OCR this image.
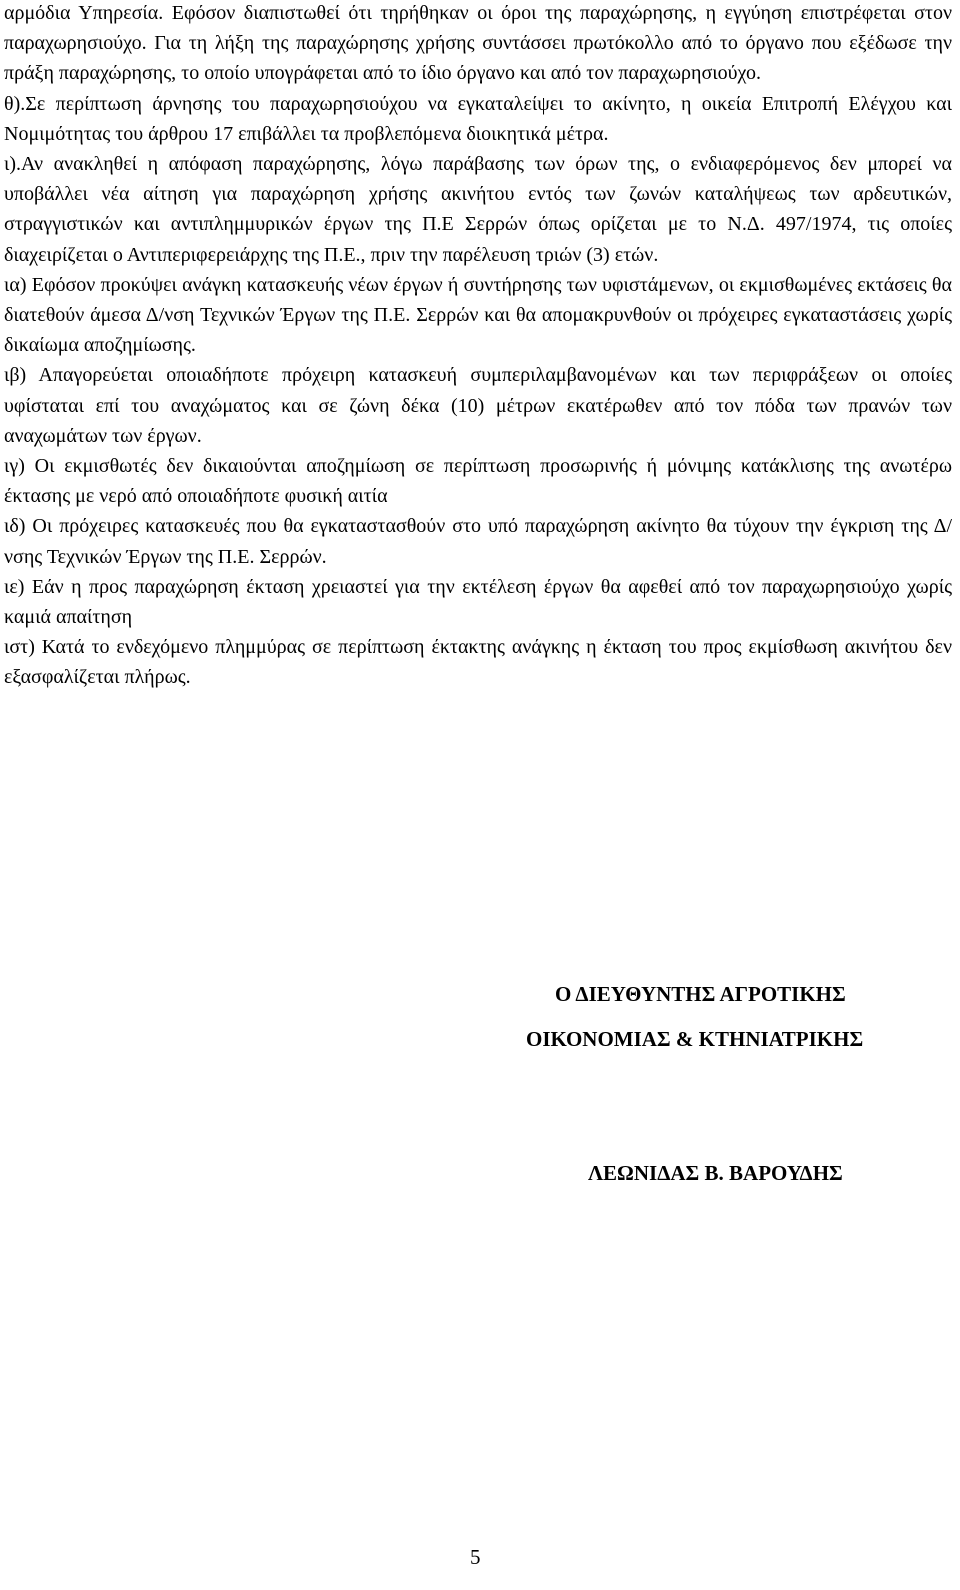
αρμόδια Υπηρεσία. Εφόσον διαπιστωθεί ότι τηρήθηκαν οι όροι της παραχώρησης, η εγγύηση επιστρέφεται στον παραχωρησιούχο. Για τη λήξη της παραχώρησης χρήσης συντάσσει πρωτόκολλο από το όργανο που εξέδωσε την πράξη παραχώρησης, το οποίο υπογράφεται από το ίδιο όργανο και από τον παραχωρησιούχο.

θ).Σε περίπτωση άρνησης του παραχωρησιούχου να εγκαταλείψει το ακίνητο, η οικεία Επιτροπή Ελέγχου και Νομιμότητας του άρθρου 17 επιβάλλει τα προβλεπόμενα διοικητικά μέτρα.

ι).Αν ανακληθεί η απόφαση παραχώρησης, λόγω παράβασης των όρων της, ο ενδιαφερόμενος δεν μπορεί να υποβάλλει νέα αίτηση για παραχώρηση χρήσης ακινήτου εντός των ζωνών καταλήψεως των αρδευτικών, στραγγιστικών και αντιπλημμυρικών έργων της Π.Ε Σερρών όπως ορίζεται με το Ν.Δ. 497/1974, τις οποίες διαχειρίζεται ο Αντιπεριφερειάρχης της Π.Ε., πριν την παρέλευση τριών (3) ετών.

ια) Εφόσον προκύψει ανάγκη κατασκευής νέων έργων ή συντήρησης των υφιστάμενων, οι εκμισθωμένες εκτάσεις θα διατεθούν άμεσα Δ/νση Τεχνικών Έργων της Π.Ε. Σερρών και θα απομακρυνθούν οι πρόχειρες εγκαταστάσεις χωρίς δικαίωμα αποζημίωσης.

ιβ) Απαγορεύεται οποιαδήποτε πρόχειρη κατασκευή συμπεριλαμβανομένων και των περιφράξεων οι οποίες υφίσταται επί του αναχώματος και σε ζώνη δέκα (10) μέτρων εκατέρωθεν από τον πόδα των πρανών των αναχωμάτων των έργων.

ιγ) Οι εκμισθωτές δεν δικαιούνται αποζημίωση σε περίπτωση προσωρινής ή μόνιμης κατάκλισης της ανωτέρω έκτασης με νερό από οποιαδήποτε φυσική αιτία

ιδ) Οι πρόχειρες κατασκευές που θα εγκαταστασθούν στο υπό παραχώρηση ακίνητο θα τύχουν την έγκριση της Δ/νσης Τεχνικών Έργων της Π.Ε. Σερρών.

ιε) Εάν η προς παραχώρηση έκταση χρειαστεί για την εκτέλεση έργων θα αφεθεί από τον παραχωρησιούχο χωρίς καμιά απαίτηση

ιστ) Κατά το ενδεχόμενο πλημμύρας σε περίπτωση έκτακτης ανάγκης η έκταση του προς εκμίσθωση ακινήτου δεν εξασφαλίζεται πλήρως.

Ο ΔΙΕΥΘΥΝΤΗΣ ΑΓΡΟΤΙΚΗΣ
ΟΙΚΟΝΟΜΙΑΣ & ΚΤΗΝΙΑΤΡΙΚΗΣ
ΛΕΩΝΙΔΑΣ Β. ΒΑΡΟΥΔΗΣ
5
